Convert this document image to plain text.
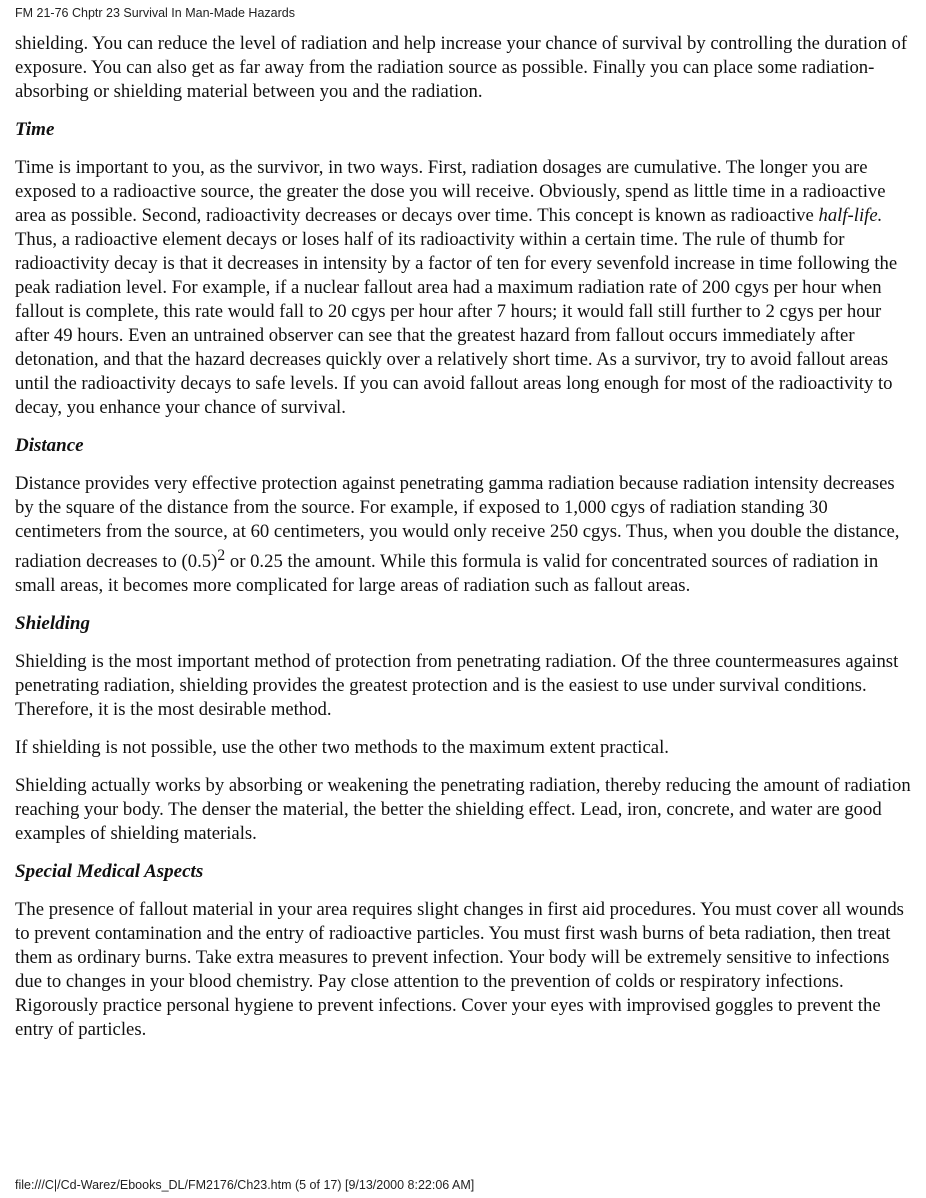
FM 21-76 Chptr 23 Survival In Man-Made Hazards

shielding. You can reduce the level of radiation and help increase your chance of survival by controlling the duration of exposure. You can also get as far away from the radiation source as possible. Finally you can place some radiation-absorbing or shielding material between you and the radiation.

Time

Time is important to you, as the survivor, in two ways. First, radiation dosages are cumulative. The longer you are exposed to a radioactive source, the greater the dose you will receive. Obviously, spend as little time in a radioactive area as possible. Second, radioactivity decreases or decays over time. This concept is known as radioactive half-life. Thus, a radioactive element decays or loses half of its radioactivity within a certain time. The rule of thumb for radioactivity decay is that it decreases in intensity by a factor of ten for every sevenfold increase in time following the peak radiation level. For example, if a nuclear fallout area had a maximum radiation rate of 200 cgys per hour when fallout is complete, this rate would fall to 20 cgys per hour after 7 hours; it would fall still further to 2 cgys per hour after 49 hours. Even an untrained observer can see that the greatest hazard from fallout occurs immediately after detonation, and that the hazard decreases quickly over a relatively short time. As a survivor, try to avoid fallout areas until the radioactivity decays to safe levels. If you can avoid fallout areas long enough for most of the radioactivity to decay, you enhance your chance of survival.

Distance

Distance provides very effective protection against penetrating gamma radiation because radiation intensity decreases by the square of the distance from the source. For example, if exposed to 1,000 cgys of radiation standing 30 centimeters from the source, at 60 centimeters, you would only receive 250 cgys. Thus, when you double the distance, radiation decreases to $(0.5)^2$ or 0.25 the amount. While this formula is valid for concentrated sources of radiation in small areas, it becomes more complicated for large areas of radiation such as fallout areas.

Shielding

Shielding is the most important method of protection from penetrating radiation. Of the three countermeasures against penetrating radiation, shielding provides the greatest protection and is the easiest to use under survival conditions. Therefore, it is the most desirable method.

If shielding is not possible, use the other two methods to the maximum extent practical.

Shielding actually works by absorbing or weakening the penetrating radiation, thereby reducing the amount of radiation reaching your body. The denser the material, the better the shielding effect. Lead, iron, concrete, and water are good examples of shielding materials.

Special Medical Aspects

The presence of fallout material in your area requires slight changes in first aid procedures. You must cover all wounds to prevent contamination and the entry of radioactive particles. You must first wash burns of beta radiation, then treat them as ordinary burns. Take extra measures to prevent infection. Your body will be extremely sensitive to infections due to changes in your blood chemistry. Pay close attention to the prevention of colds or respiratory infections. Rigorously practice personal hygiene to prevent infections. Cover your eyes with improvised goggles to prevent the entry of particles.

file:///C|/Cd-Warez/Ebooks_DL/FM2176/Ch23.htm (5 of 17) [9/13/2000 8:22:06 AM]
